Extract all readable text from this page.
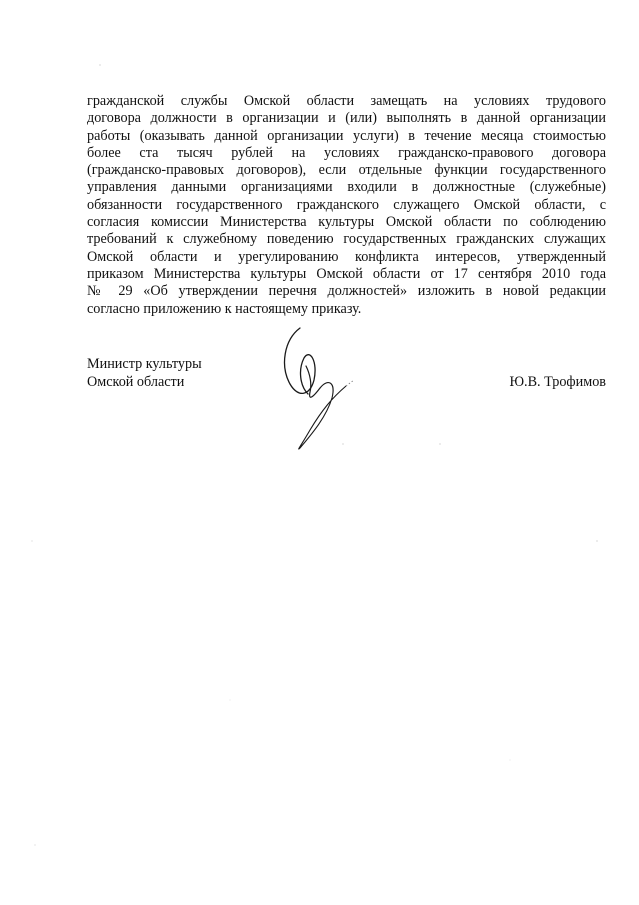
гражданской службы Омской области замещать на условиях трудового
договора должности в организации и (или) выполнять в данной организации
работы (оказывать данной организации услуги) в течение месяца стоимостью
более ста тысяч рублей на условиях гражданско-правового договора
(гражданско-правовых договоров), если отдельные функции государственного
управления данными организациями входили в должностные (служебные)
обязанности государственного гражданского служащего Омской области, с
согласия комиссии Министерства культуры Омской области по соблюдению
требований к служебному поведению государственных гражданских служащих
Омской области и урегулированию конфликта интересов, утвержденный
приказом Министерства культуры Омской области от 17 сентября 2010 года
№ 29 «Об утверждении перечня должностей» изложить в новой редакции
согласно приложению к настоящему приказу.
Министр культуры
Омской области	Ю.В. Трофимов
